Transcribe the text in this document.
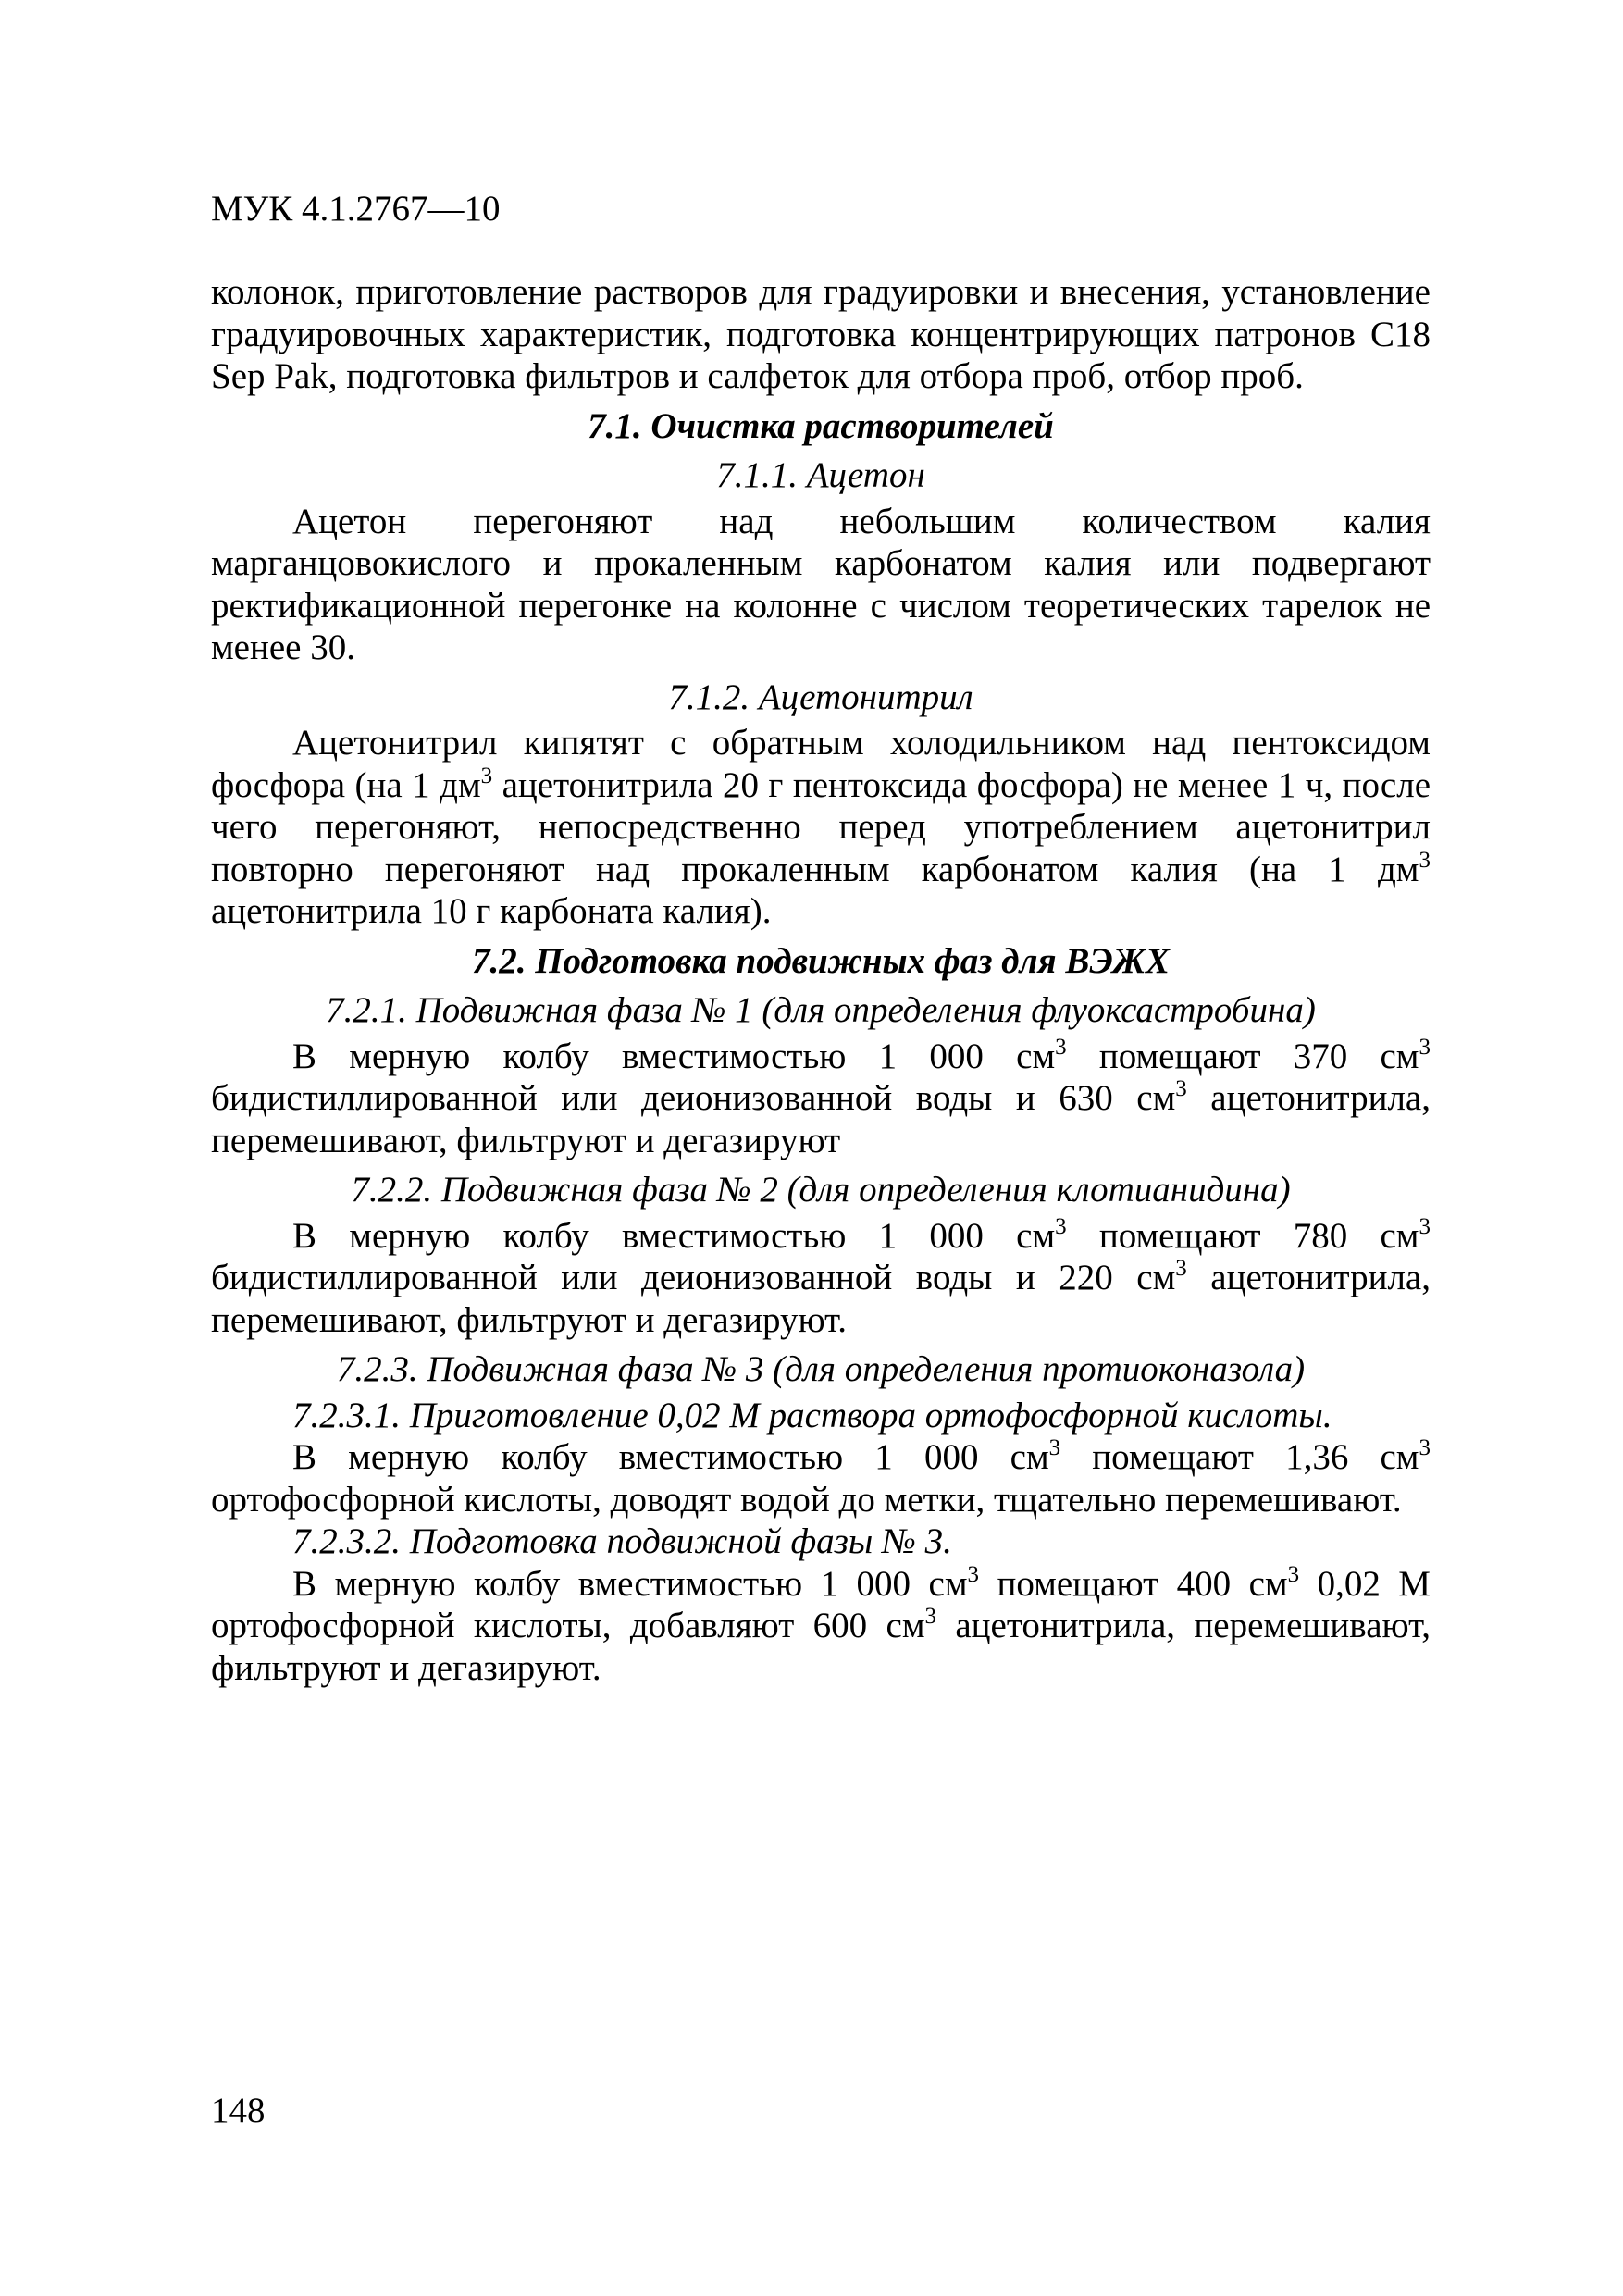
МУК 4.1.2767—10

колонок, приготовление растворов для градуировки и внесения, установление градуировочных характеристик, подготовка концентрирующих патронов C18 Sep Pak, подготовка фильтров и салфеток для отбора проб, отбор проб.

7.1. Очистка растворителей

7.1.1. Ацетон

Ацетон перегоняют над небольшим количеством калия марганцовокислого и прокаленным карбонатом калия или подвергают ректификационной перегонке на колонне с числом теоретических тарелок не менее 30.

7.1.2. Ацетонитрил

Ацетонитрил кипятят с обратным холодильником над пентоксидом фосфора (на 1 $дм^3$ ацетонитрила 20 г пентоксида фосфора) не менее 1 ч, после чего перегоняют, непосредственно перед употреблением ацетонитрил повторно перегоняют над прокаленным карбонатом калия (на 1 $дм^3$ ацетонитрила 10 г карбоната калия).

7.2. Подготовка подвижных фаз для ВЭЖХ

7.2.1. Подвижная фаза № 1 (для определения флуоксастробина)

В мерную колбу вместимостью 1 000 $см^3$ помещают 370 $см^3$ бидистиллированной или деионизованной воды и 630 $см^3$ ацетонитрила, перемешивают, фильтруют и дегазируют

7.2.2. Подвижная фаза № 2 (для определения клотианидина)

В мерную колбу вместимостью 1 000 $см^3$ помещают 780 $см^3$ бидистиллированной или деионизованной воды и 220 $см^3$ ацетонитрила, перемешивают, фильтруют и дегазируют.

7.2.3. Подвижная фаза № 3 (для определения протиоконазола)

7.2.3.1. Приготовление 0,02 М раствора ортофосфорной кислоты.

В мерную колбу вместимостью 1 000 $см^3$ помещают 1,36 $см^3$ ортофосфорной кислоты, доводят водой до метки, тщательно перемешивают.

7.2.3.2. Подготовка подвижной фазы № 3.

В мерную колбу вместимостью 1 000 $см^3$ помещают 400 $см^3$ 0,02 М ортофосфорной кислоты, добавляют 600 $см^3$ ацетонитрила, перемешивают, фильтруют и дегазируют.

148
